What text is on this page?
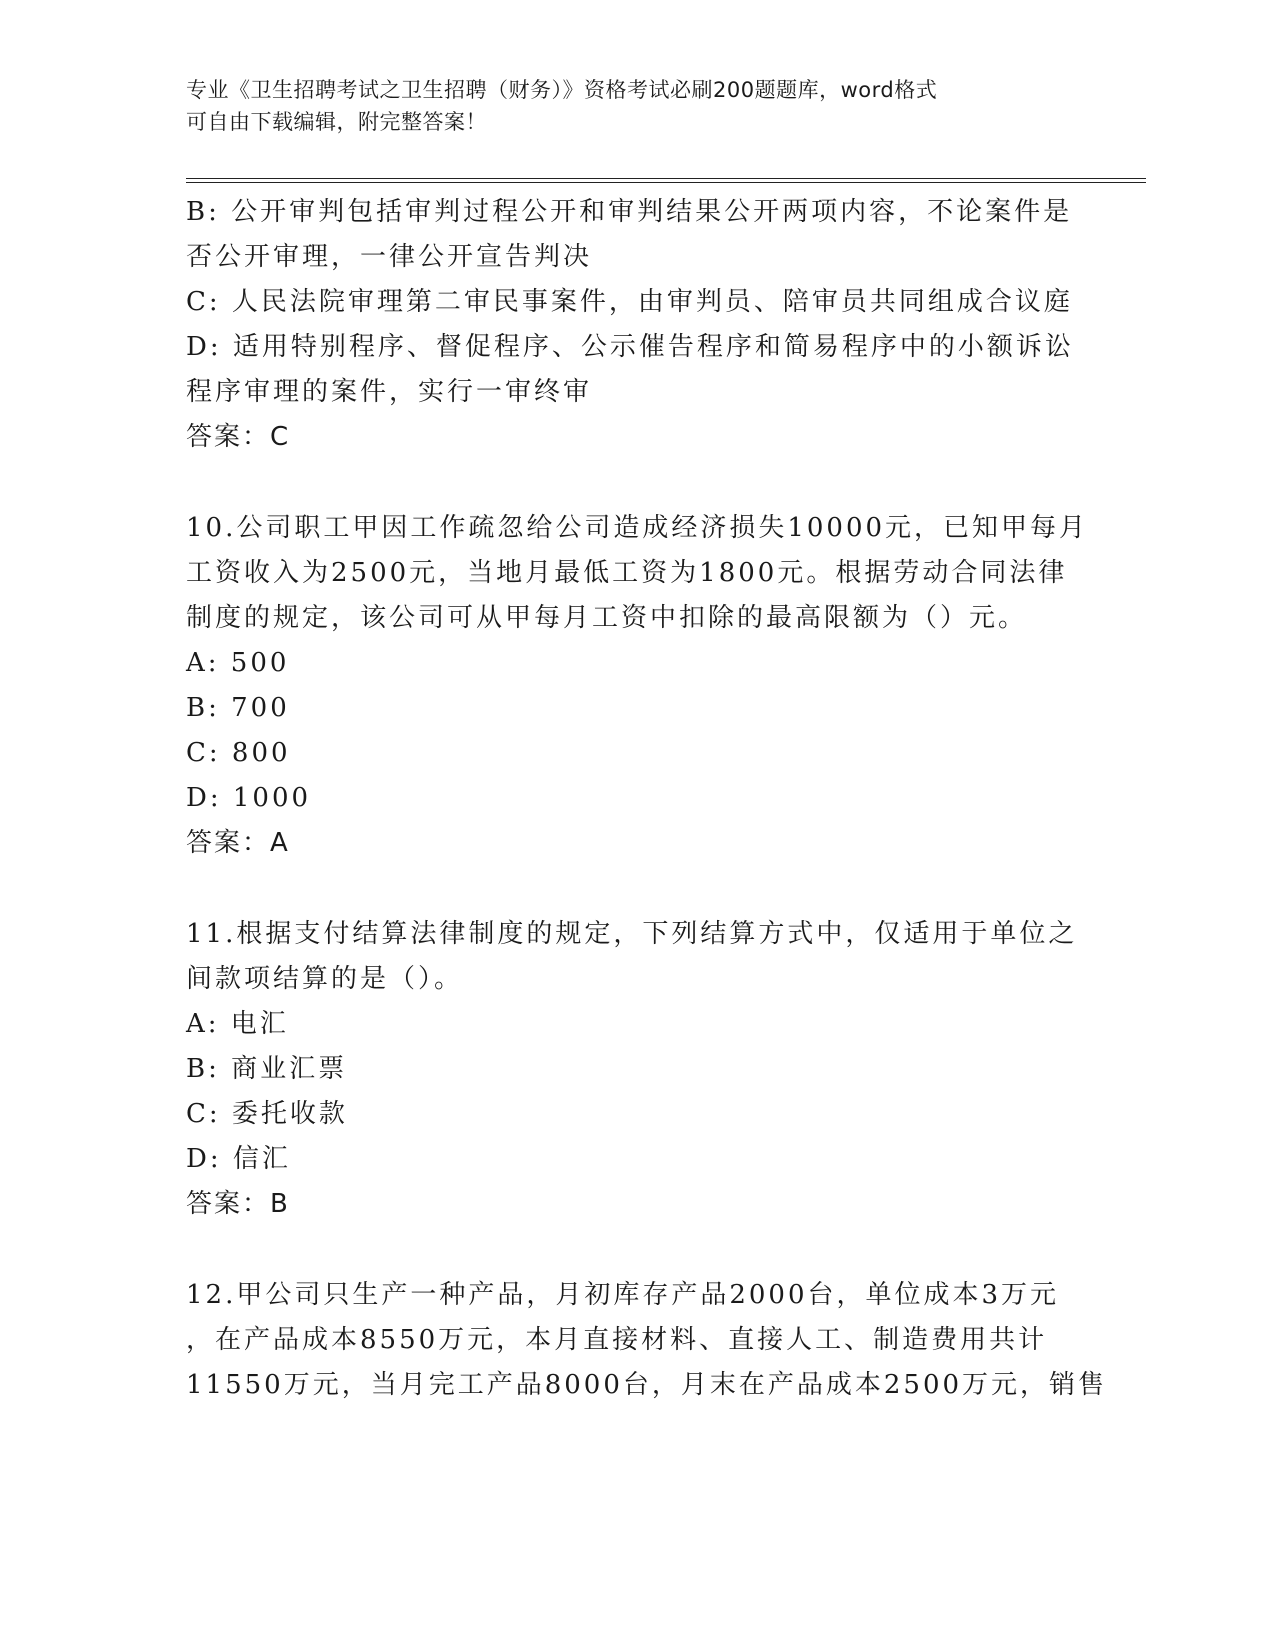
专业《卫生招聘考试之卫生招聘（财务）》资格考试必刷200题题库，word格式
可自由下载编辑，附完整答案！
B: 公开审判包括审判过程公开和审判结果公开两项内容，不论案件是
否公开审理，一律公开宣告判决
C: 人民法院审理第二审民事案件，由审判员、陪审员共同组成合议庭
D: 适用特别程序、督促程序、公示催告程序和简易程序中的小额诉讼
程序审理的案件，实行一审终审
答案：C
10.公司职工甲因工作疏忽给公司造成经济损失10000元，已知甲每月
工资收入为2500元，当地月最低工资为1800元。根据劳动合同法律
制度的规定，该公司可从甲每月工资中扣除的最高限额为（）元。
A: 500
B: 700
C: 800
D: 1000
答案：A
11.根据支付结算法律制度的规定，下列结算方式中，仅适用于单位之
间款项结算的是（）。
A: 电汇
B: 商业汇票
C: 委托收款
D: 信汇
答案：B
12.甲公司只生产一种产品，月初库存产品2000台，单位成本3万元
，在产品成本8550万元，本月直接材料、直接人工、制造费用共计
11550万元，当月完工产品8000台，月末在产品成本2500万元，销售
